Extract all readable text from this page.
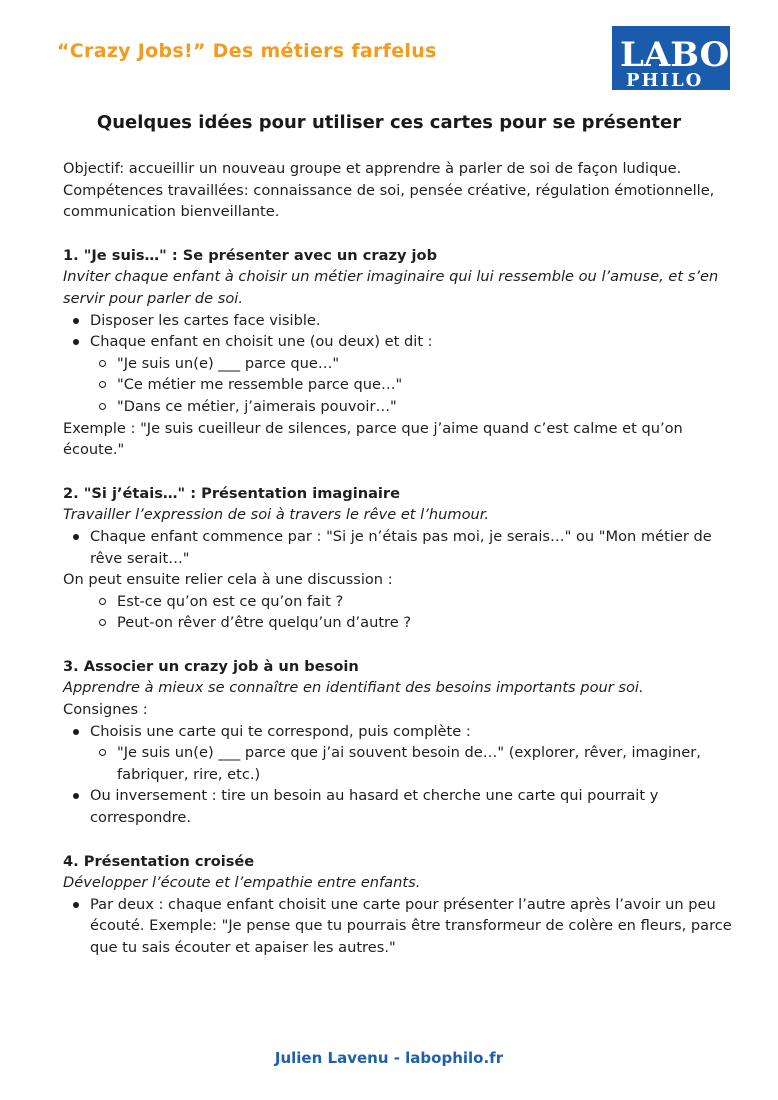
“Crazy Jobs!” Des métiers farfelus	LABO
PHILO
Quelques idées pour utiliser ces cartes pour se présenter

Objectif: accueillir un nouveau groupe et apprendre à parler de soi de façon ludique.

Compétences travaillées: connaissance de soi, pensée créative, régulation émotionnelle, communication bienveillante.

1. "Je suis…" : Se présenter avec un crazy job

Inviter chaque enfant à choisir un métier imaginaire qui lui ressemble ou l’amuse, et s’en servir pour parler de soi.

Disposer les cartes face visible.
Chaque enfant en choisit une (ou deux) et dit :
"Je suis un(e) ___ parce que…"
"Ce métier me ressemble parce que…"
"Dans ce métier, j’aimerais pouvoir…"

Exemple : "Je suis cueilleur de silences, parce que j’aime quand c’est calme et qu’on écoute."

2. "Si j’étais…" : Présentation imaginaire

Travailler l’expression de soi à travers le rêve et l’humour.

Chaque enfant commence par : "Si je n’étais pas moi, je serais…" ou "Mon métier de rêve serait…"

On peut ensuite relier cela à une discussion :

Est-ce qu’on est ce qu’on fait ?
Peut-on rêver d’être quelqu’un d’autre ?

3. Associer un crazy job à un besoin

Apprendre à mieux se connaître en identifiant des besoins importants pour soi.

Consignes :

Choisis une carte qui te correspond, puis complète :
"Je suis un(e) ___ parce que j’ai souvent besoin de…" (explorer, rêver, imaginer, fabriquer, rire, etc.)
Ou inversement : tire un besoin au hasard et cherche une carte qui pourrait y correspondre.

4. Présentation croisée

Développer l’écoute et l’empathie entre enfants.

Par deux : chaque enfant choisit une carte pour présenter l’autre après l’avoir un peu écouté. Exemple: "Je pense que tu pourrais être transformeur de colère en fleurs, parce que tu sais écouter et apaiser les autres."
Julien Lavenu - labophilo.fr
